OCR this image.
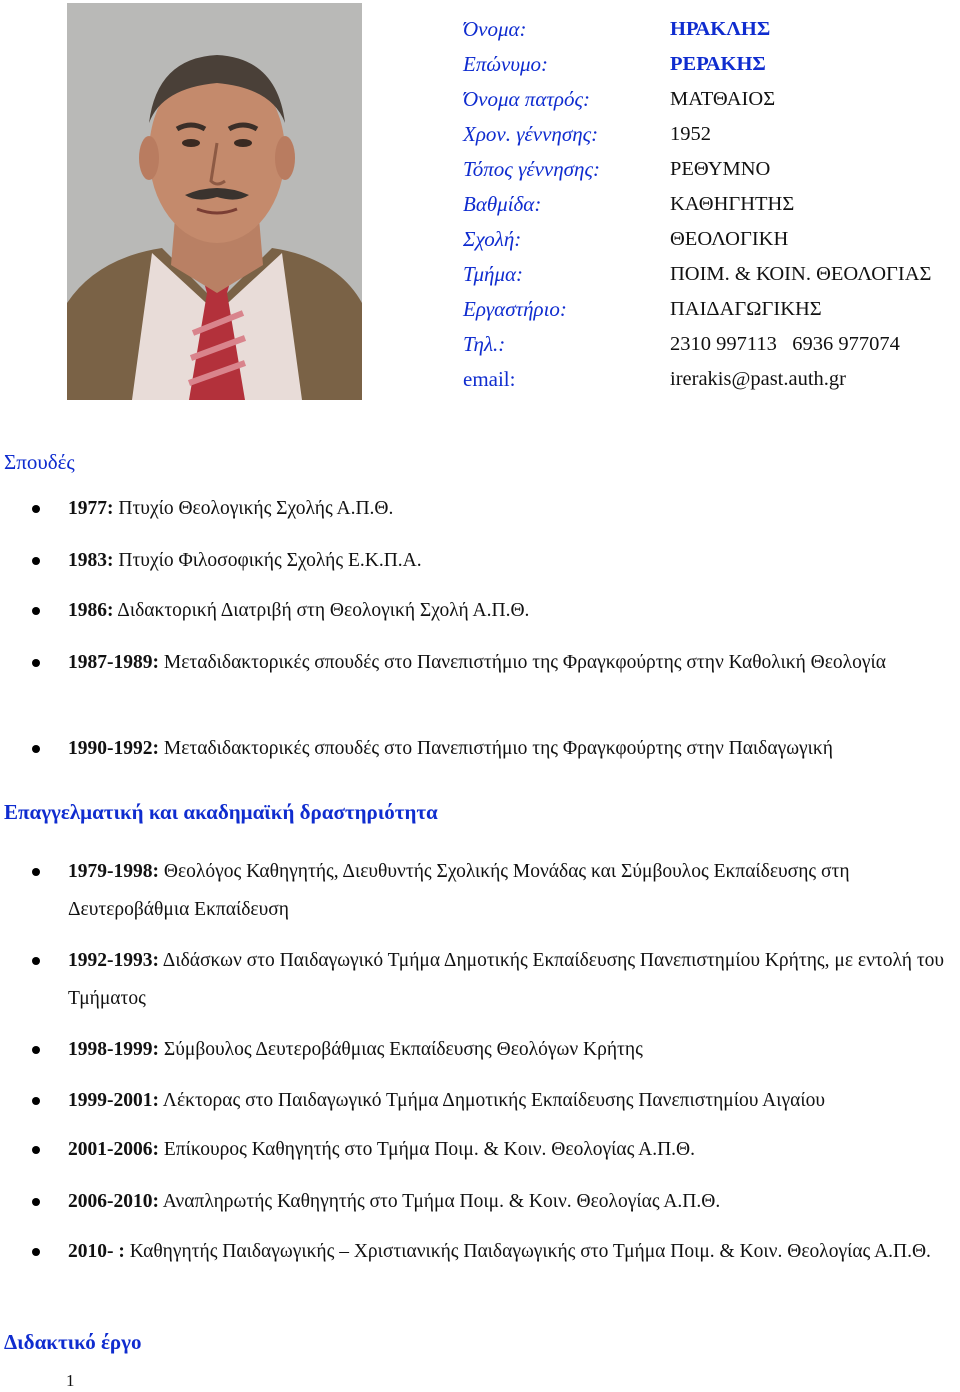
Όνομα:	ΗΡΑΚΛΗΣ
Επώνυμο:	ΡΕΡΑΚΗΣ
Όνομα πατρός:	ΜΑΤΘΑΙΟΣ
Χρον. γέννησης:	1952
Τόπος γέννησης:	ΡΕΘΥΜΝΟ
Βαθμίδα:	ΚΑΘΗΓΗΤΗΣ
Σχολή:	ΘΕΟΛΟΓΙΚΗ
Τμήμα:	ΠΟΙΜ. & ΚΟΙΝ. ΘΕΟΛΟΓΙΑΣ
Εργαστήριο:	ΠΑΙΔΑΓΩΓΙΚΗΣ
Τηλ.:	2310 997113   6936 977074
email:	irerakis@past.auth.gr
Σπουδές
1977: Πτυχίο Θεολογικής Σχολής Α.Π.Θ.
1983: Πτυχίο Φιλοσοφικής Σχολής Ε.Κ.Π.Α.
1986: Διδακτορική Διατριβή στη Θεολογική Σχολή Α.Π.Θ.
1987-1989: Μεταδιδακτορικές σπουδές στο Πανεπιστήμιο της Φραγκφούρτης στην Καθολική Θεολογία
1990-1992: Μεταδιδακτορικές σπουδές στο Πανεπιστήμιο της Φραγκφούρτης στην Παιδαγωγική
Επαγγελματική και ακαδημαϊκή δραστηριότητα
1979-1998: Θεολόγος Καθηγητής, Διευθυντής Σχολικής Μονάδας και Σύμβουλος Εκπαίδευσης στη Δευτεροβάθμια Εκπαίδευση
1992-1993: Διδάσκων στο Παιδαγωγικό Τμήμα Δημοτικής Εκπαίδευσης Πανεπιστημίου Κρήτης, με εντολή του Τμήματος
1998-1999: Σύμβουλος Δευτεροβάθμιας Εκπαίδευσης Θεολόγων Κρήτης
1999-2001: Λέκτορας στο Παιδαγωγικό Τμήμα Δημοτικής Εκπαίδευσης Πανεπιστημίου Αιγαίου
2001-2006: Επίκουρος Καθηγητής στο Τμήμα Ποιμ. & Κοιν. Θεολογίας Α.Π.Θ.
2006-2010: Αναπληρωτής Καθηγητής στο Τμήμα Ποιμ. & Κοιν. Θεολογίας Α.Π.Θ.
2010- : Καθηγητής Παιδαγωγικής – Χριστιανικής Παιδαγωγικής στο Τμήμα Ποιμ. & Κοιν. Θεολογίας Α.Π.Θ.
Διδακτικό έργο
1
